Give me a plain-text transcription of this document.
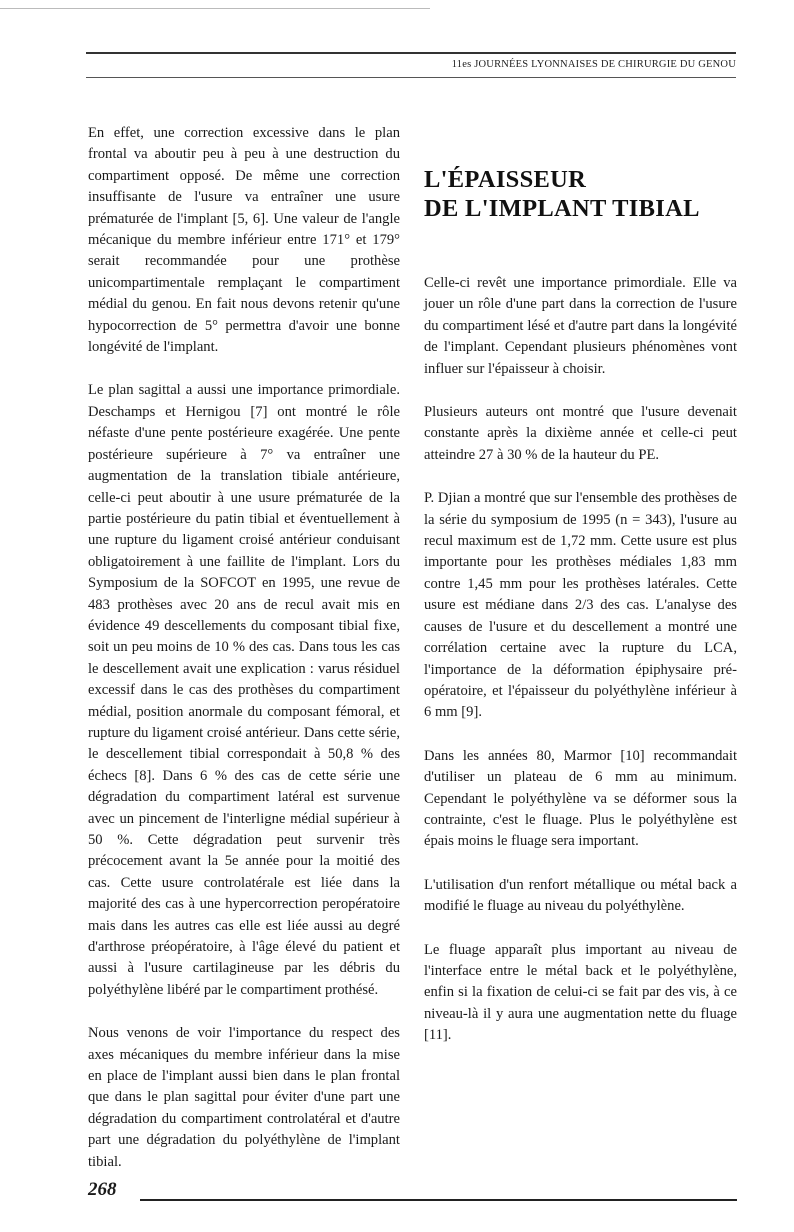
11es JOURNÉES LYONNAISES DE CHIRURGIE DU GENOU

En effet, une correction excessive dans le plan frontal va aboutir peu à peu à une destruction du compartiment opposé. De même une correction insuffisante de l'usure va entraîner une usure prématurée de l'implant [5, 6]. Une valeur de l'angle mécanique du membre inférieur entre 171° et 179° serait recommandée pour une prothèse unicompartimentale remplaçant le compartiment médial du genou. En fait nous devons retenir qu'une hypocorrection de 5° permettra d'avoir une bonne longévité de l'implant.

Le plan sagittal a aussi une importance primordiale. Deschamps et Hernigou [7] ont montré le rôle néfaste d'une pente postérieure exagérée. Une pente postérieure supérieure à 7° va entraîner une augmentation de la translation tibiale antérieure, celle-ci peut aboutir à une usure prématurée de la partie postérieure du patin tibial et éventuellement à une rupture du ligament croisé antérieur conduisant obligatoirement à une faillite de l'implant. Lors du Symposium de la SOFCOT en 1995, une revue de 483 prothèses avec 20 ans de recul avait mis en évidence 49 descellements du composant tibial fixe, soit un peu moins de 10 % des cas. Dans tous les cas le descellement avait une explication : varus résiduel excessif dans le cas des prothèses du compartiment médial, position anormale du composant fémoral, et rupture du ligament croisé antérieur. Dans cette série, le descellement tibial correspondait à 50,8 % des échecs [8]. Dans 6 % des cas de cette série une dégradation du compartiment latéral est survenue avec un pincement de l'interligne médial supérieur à 50 %. Cette dégradation peut survenir très précocement avant la 5e année pour la moitié des cas. Cette usure controlatérale est liée dans la majorité des cas à une hypercorrection peropératoire mais dans les autres cas elle est liée aussi au degré d'arthrose préopératoire, à l'âge élevé du patient et aussi à l'usure cartilagineuse par les débris du polyéthylène libéré par le compartiment prothésé.

Nous venons de voir l'importance du respect des axes mécaniques du membre inférieur dans la mise en place de l'implant aussi bien dans le plan frontal que dans le plan sagittal pour éviter d'une part une dégradation du compartiment controlatéral et d'autre part une dégradation du polyéthylène de l'implant tibial.

L'ÉPAISSEUR
DE L'IMPLANT TIBIAL

Celle-ci revêt une importance primordiale. Elle va jouer un rôle d'une part dans la correction de l'usure du compartiment lésé et d'autre part dans la longévité de l'implant. Cependant plusieurs phénomènes vont influer sur l'épaisseur à choisir.

Plusieurs auteurs ont montré que l'usure devenait constante après la dixième année et celle-ci peut atteindre 27 à 30 % de la hauteur du PE.

P. Djian a montré que sur l'ensemble des prothèses de la série du symposium de 1995 (n = 343), l'usure au recul maximum est de 1,72 mm. Cette usure est plus importante pour les prothèses médiales 1,83 mm contre 1,45 mm pour les prothèses latérales. Cette usure est médiane dans 2/3 des cas. L'analyse des causes de l'usure et du descellement a montré une corrélation certaine avec la rupture du LCA, l'importance de la déformation épiphysaire pré-opératoire, et l'épaisseur du polyéthylène inférieur à 6 mm [9].

Dans les années 80, Marmor [10] recommandait d'utiliser un plateau de 6 mm au minimum. Cependant le polyéthylène va se déformer sous la contrainte, c'est le fluage. Plus le polyéthylène est épais moins le fluage sera important.

L'utilisation d'un renfort métallique ou métal back a modifié le fluage au niveau du polyéthylène.

Le fluage apparaît plus important au niveau de l'interface entre le métal back et le polyéthylène, enfin si la fixation de celui-ci se fait par des vis, à ce niveau-là il y aura une augmentation nette du fluage [11].

268
